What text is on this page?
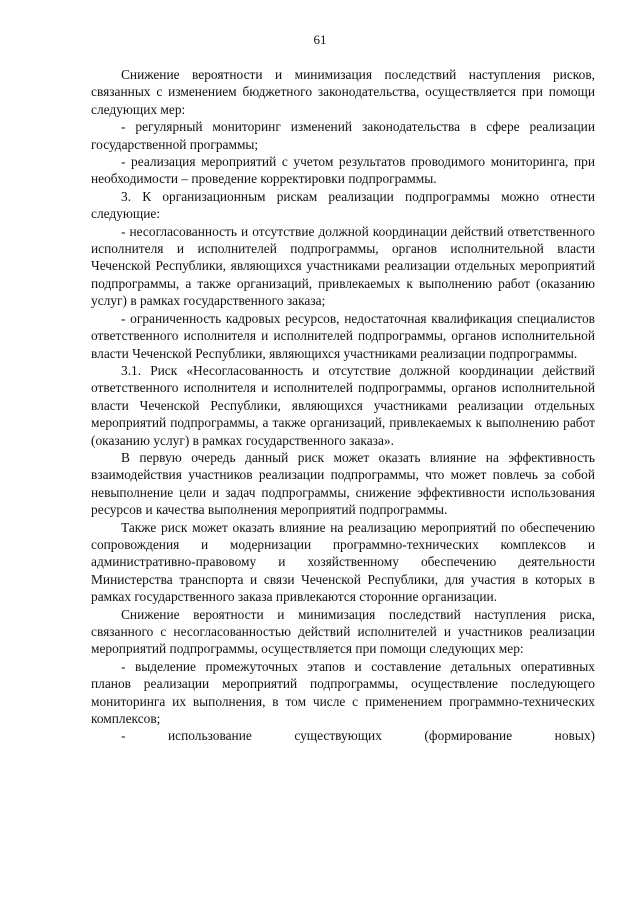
61

Снижение вероятности и минимизация последствий наступления рисков, связанных с изменением бюджетного законодательства, осуществляется при помощи следующих мер:

- регулярный мониторинг изменений законодательства в сфере реализации государственной программы;

- реализация мероприятий с учетом результатов проводимого мониторинга, при необходимости – проведение корректировки подпрограммы.

3. К организационным рискам реализации подпрограммы можно отнести следующие:

- несогласованность и отсутствие должной координации действий ответственного исполнителя и исполнителей подпрограммы, органов исполнительной власти Чеченской Республики, являющихся участниками реализации отдельных мероприятий подпрограммы, а также организаций, привлекаемых к выполнению работ (оказанию услуг) в рамках государственного заказа;

- ограниченность кадровых ресурсов, недостаточная квалификация специалистов ответственного исполнителя и исполнителей подпрограммы, органов исполнительной власти Чеченской Республики, являющихся участниками реализации подпрограммы.

3.1. Риск «Несогласованность и отсутствие должной координации действий ответственного исполнителя и исполнителей подпрограммы, органов исполнительной власти Чеченской Республики, являющихся участниками реализации отдельных мероприятий подпрограммы, а также организаций, привлекаемых к выполнению работ (оказанию услуг) в рамках государственного заказа».

В первую очередь данный риск может оказать влияние на эффективность взаимодействия участников реализации подпрограммы, что может повлечь за собой невыполнение цели и задач подпрограммы, снижение эффективности использования ресурсов и качества выполнения мероприятий подпрограммы.

Также риск может оказать влияние на реализацию мероприятий по обеспечению сопровождения и модернизации программно-технических комплексов и административно-правовому и хозяйственному обеспечению деятельности Министерства транспорта и связи Чеченской Республики, для участия в которых в рамках государственного заказа привлекаются сторонние организации.

Снижение вероятности и минимизация последствий наступления риска, связанного с несогласованностью действий исполнителей и участников реализации мероприятий подпрограммы, осуществляется при помощи следующих мер:

- выделение промежуточных этапов и составление детальных оперативных планов реализации мероприятий подпрограммы, осуществление последующего мониторинга их выполнения, в том числе с применением программно-технических комплексов;

- использование существующих (формирование новых)
